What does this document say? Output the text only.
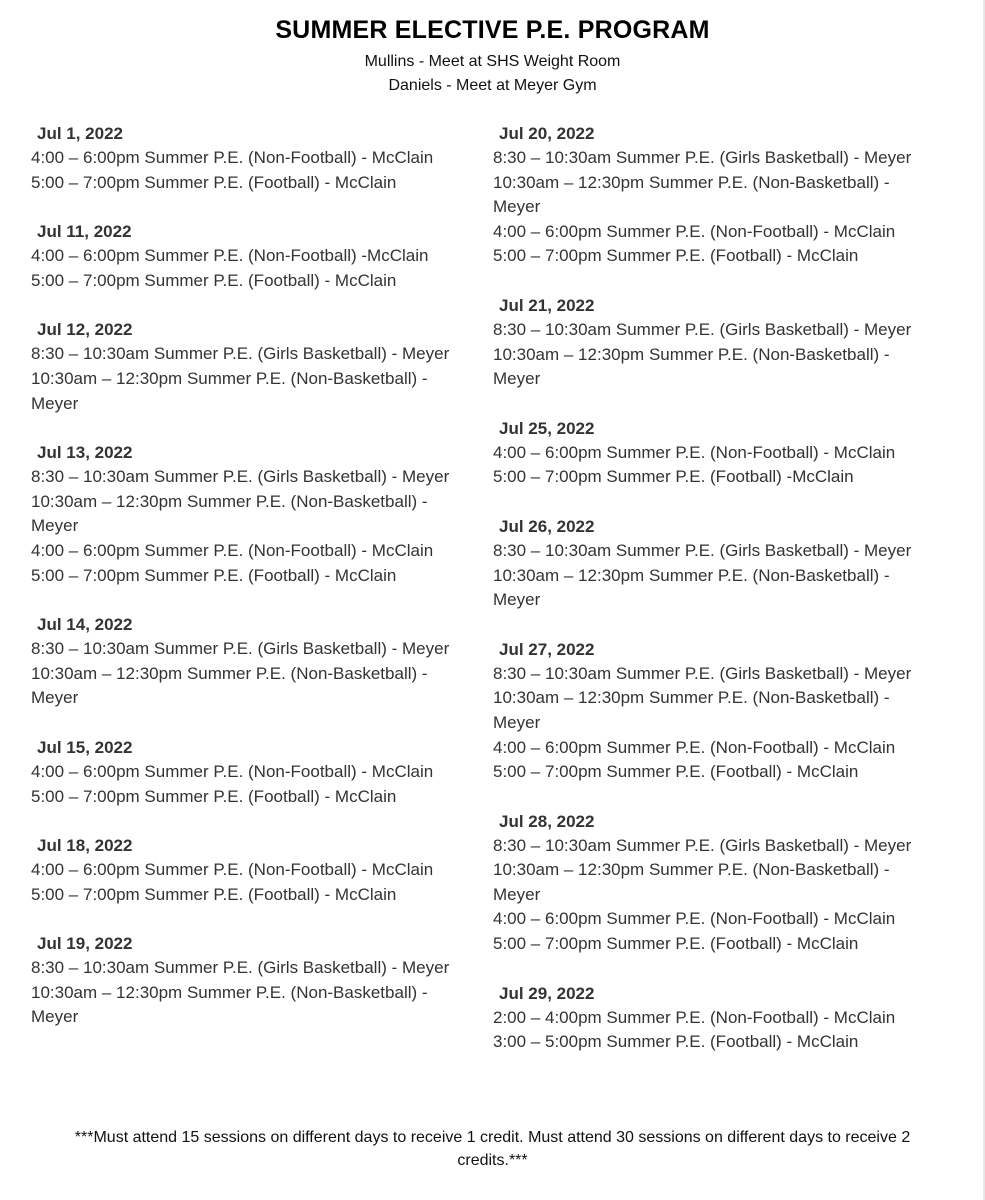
SUMMER ELECTIVE P.E. PROGRAM
Mullins - Meet at SHS Weight Room
Daniels - Meet at Meyer Gym
Jul 1, 2022
4:00 – 6:00pm Summer P.E. (Non-Football) - McClain
5:00 – 7:00pm Summer P.E. (Football) - McClain
Jul 11, 2022
4:00 – 6:00pm Summer P.E. (Non-Football) -McClain
5:00 – 7:00pm Summer P.E. (Football) - McClain
Jul 12, 2022
8:30 – 10:30am Summer P.E. (Girls Basketball) - Meyer
10:30am – 12:30pm Summer P.E. (Non-Basketball) - Meyer
Jul 13, 2022
8:30 – 10:30am Summer P.E. (Girls Basketball) - Meyer
10:30am – 12:30pm Summer P.E. (Non-Basketball) - Meyer
4:00 – 6:00pm Summer P.E. (Non-Football) - McClain
5:00 – 7:00pm Summer P.E. (Football) - McClain
Jul 14, 2022
8:30 – 10:30am Summer P.E. (Girls Basketball) - Meyer
10:30am – 12:30pm Summer P.E. (Non-Basketball) - Meyer
Jul 15, 2022
4:00 – 6:00pm Summer P.E. (Non-Football) - McClain
5:00 – 7:00pm Summer P.E. (Football) - McClain
Jul 18, 2022
4:00 – 6:00pm Summer P.E. (Non-Football) - McClain
5:00 – 7:00pm Summer P.E. (Football) - McClain
Jul 19, 2022
8:30 – 10:30am Summer P.E. (Girls Basketball) - Meyer
10:30am – 12:30pm Summer P.E. (Non-Basketball) - Meyer
Jul 20, 2022
8:30 – 10:30am Summer P.E. (Girls Basketball) - Meyer
10:30am – 12:30pm Summer P.E. (Non-Basketball) - Meyer
4:00 – 6:00pm Summer P.E. (Non-Football) - McClain
5:00 – 7:00pm Summer P.E. (Football) - McClain
Jul 21, 2022
8:30 – 10:30am Summer P.E. (Girls Basketball) - Meyer
10:30am – 12:30pm Summer P.E. (Non-Basketball) - Meyer
Jul 25, 2022
4:00 – 6:00pm Summer P.E. (Non-Football) - McClain
5:00 – 7:00pm Summer P.E. (Football) -McClain
Jul 26, 2022
8:30 – 10:30am Summer P.E. (Girls Basketball) - Meyer
10:30am – 12:30pm Summer P.E. (Non-Basketball) - Meyer
Jul 27, 2022
8:30 – 10:30am Summer P.E. (Girls Basketball) - Meyer
10:30am – 12:30pm Summer P.E. (Non-Basketball) - Meyer
4:00 – 6:00pm Summer P.E. (Non-Football) - McClain
5:00 – 7:00pm Summer P.E. (Football) - McClain
Jul 28, 2022
8:30 – 10:30am Summer P.E. (Girls Basketball) - Meyer
10:30am – 12:30pm Summer P.E. (Non-Basketball) - Meyer
4:00 – 6:00pm Summer P.E. (Non-Football) - McClain
5:00 – 7:00pm Summer P.E. (Football) - McClain
Jul 29, 2022
2:00 – 4:00pm Summer P.E. (Non-Football) - McClain
3:00 – 5:00pm Summer P.E. (Football) - McClain
***Must attend 15 sessions on different days to receive 1 credit. Must attend 30 sessions on different days to receive 2 credits.***
